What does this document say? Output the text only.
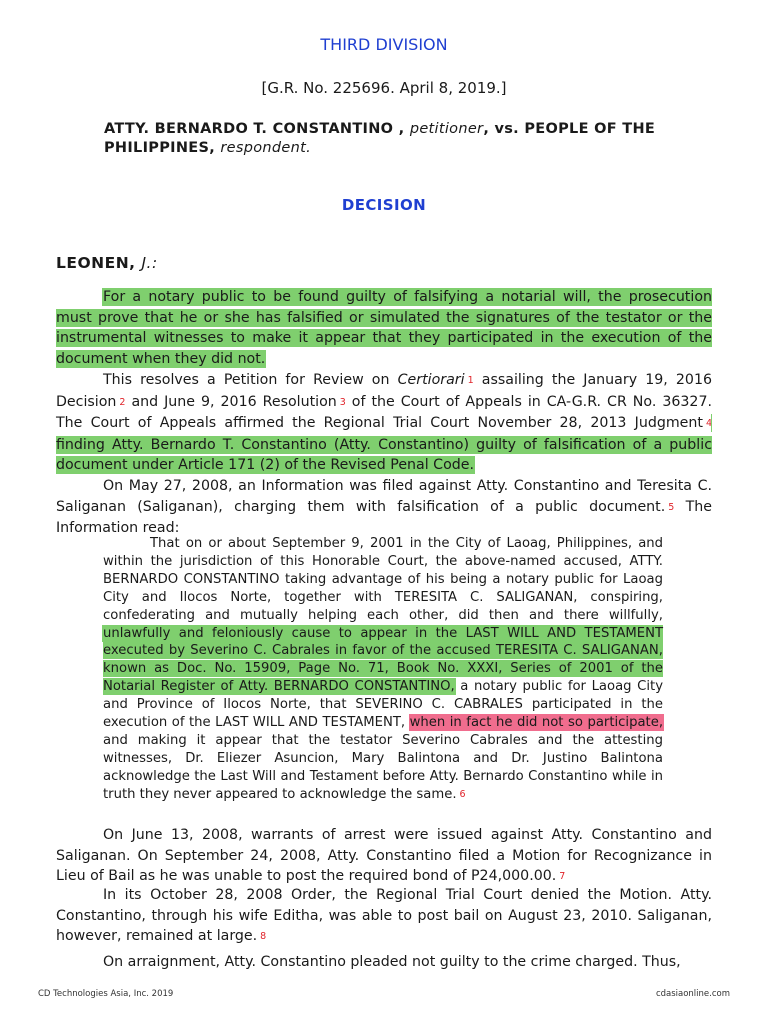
THIRD DIVISION
[G.R. No. 225696. April 8, 2019.]
ATTY. BERNARDO T. CONSTANTINO , petitioner, vs. PEOPLE OF THE PHILIPPINES, respondent.
DECISION
LEONEN, J.:

For a notary public to be found guilty of falsifying a notarial will, the prosecution must prove that he or she has falsified or simulated the signatures of the testator or the instrumental witnesses to make it appear that they participated in the execution of the document when they did not.

This resolves a Petition for Review on Certiorari 1 assailing the January 19, 2016 Decision 2 and June 9, 2016 Resolution 3 of the Court of Appeals in CA-G.R. CR No. 36327. The Court of Appeals affirmed the Regional Trial Court November 28, 2013 Judgment 4 finding Atty. Bernardo T. Constantino (Atty. Constantino) guilty of falsification of a public document under Article 171 (2) of the Revised Penal Code.

On May 27, 2008, an Information was filed against Atty. Constantino and Teresita C. Saliganan (Saliganan), charging them with falsification of a public document. 5 The Information read:

That on or about September 9, 2001 in the City of Laoag, Philippines, and within the jurisdiction of this Honorable Court, the above-named accused, ATTY. BERNARDO CONSTANTINO taking advantage of his being a notary public for Laoag City and Ilocos Norte, together with TERESITA C. SALIGANAN, conspiring, confederating and mutually helping each other, did then and there willfully, unlawfully and feloniously cause to appear in the LAST WILL AND TESTAMENT executed by Severino C. Cabrales in favor of the accused TERESITA C. SALIGANAN, known as Doc. No. 15909, Page No. 71, Book No. XXXI, Series of 2001 of the Notarial Register of Atty. BERNARDO CONSTANTINO, a notary public for Laoag City and Province of Ilocos Norte, that SEVERINO C. CABRALES participated in the execution of the LAST WILL AND TESTAMENT, when in fact he did not so participate, and making it appear that the testator Severino Cabrales and the attesting witnesses, Dr. Eliezer Asuncion, Mary Balintona and Dr. Justino Balintona acknowledge the Last Will and Testament before Atty. Bernardo Constantino while in truth they never appeared to acknowledge the same. 6

On June 13, 2008, warrants of arrest were issued against Atty. Constantino and Saliganan. On September 24, 2008, Atty. Constantino filed a Motion for Recognizance in Lieu of Bail as he was unable to post the required bond of P24,000.00. 7

In its October 28, 2008 Order, the Regional Trial Court denied the Motion. Atty. Constantino, through his wife Editha, was able to post bail on August 23, 2010. Saliganan, however, remained at large. 8

On arraignment, Atty. Constantino pleaded not guilty to the crime charged. Thus,

CD Technologies Asia, Inc. 2019	cdasiaonline.com
